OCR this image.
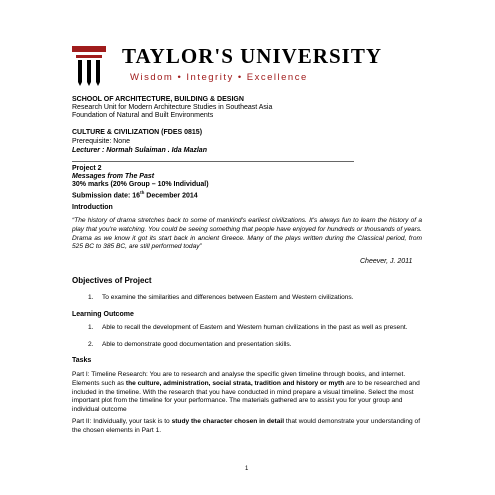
TAYLOR'S UNIVERSITY
Wisdom • Integrity • Excellence
SCHOOL OF ARCHITECTURE, BUILDING & DESIGN
Research Unit for Modern Architecture Studies in Southeast Asia
Foundation of Natural and Built Environments
CULTURE & CIVILIZATION (FDES 0815)
Prerequisite: None
Lecturer : Normah Sulaiman . Ida Mazlan
Project 2
Messages from The Past
30% marks (20% Group – 10% Individual)
Submission date: 16th December 2014
Introduction
“The history of drama stretches back to some of mankind's earliest civilizations. It's always fun to learn the history of a play that you're watching. You could be seeing something that people have enjoyed for hundreds or thousands of years. Drama as we know it got its start back in ancient Greece. Many of the plays written during the Classical period, from 525 BC to 385 BC, are still performed today”
Cheever, J. 2011
Objectives of Project
1. To examine the similarities and differences between Eastern and Western civilizations.
Learning Outcome
1. Able to recall the development of Eastern and Western human civilizations in the past as well as present.
2. Able to demonstrate good documentation and presentation skills.
Tasks
Part I: Timeline Research: You are to research and analyse the specific given timeline through books, and internet. Elements such as the culture, administration, social strata, tradition and history or myth are to be researched and included in the timeline. With the research that you have conducted in mind prepare a visual timeline. Select the most important plot from the timeline for your performance. The materials gathered are to assist you for your group and individual outcome
Part II: Individually, your task is to study the character chosen in detail that would demonstrate your understanding of the chosen elements in Part 1.
1
